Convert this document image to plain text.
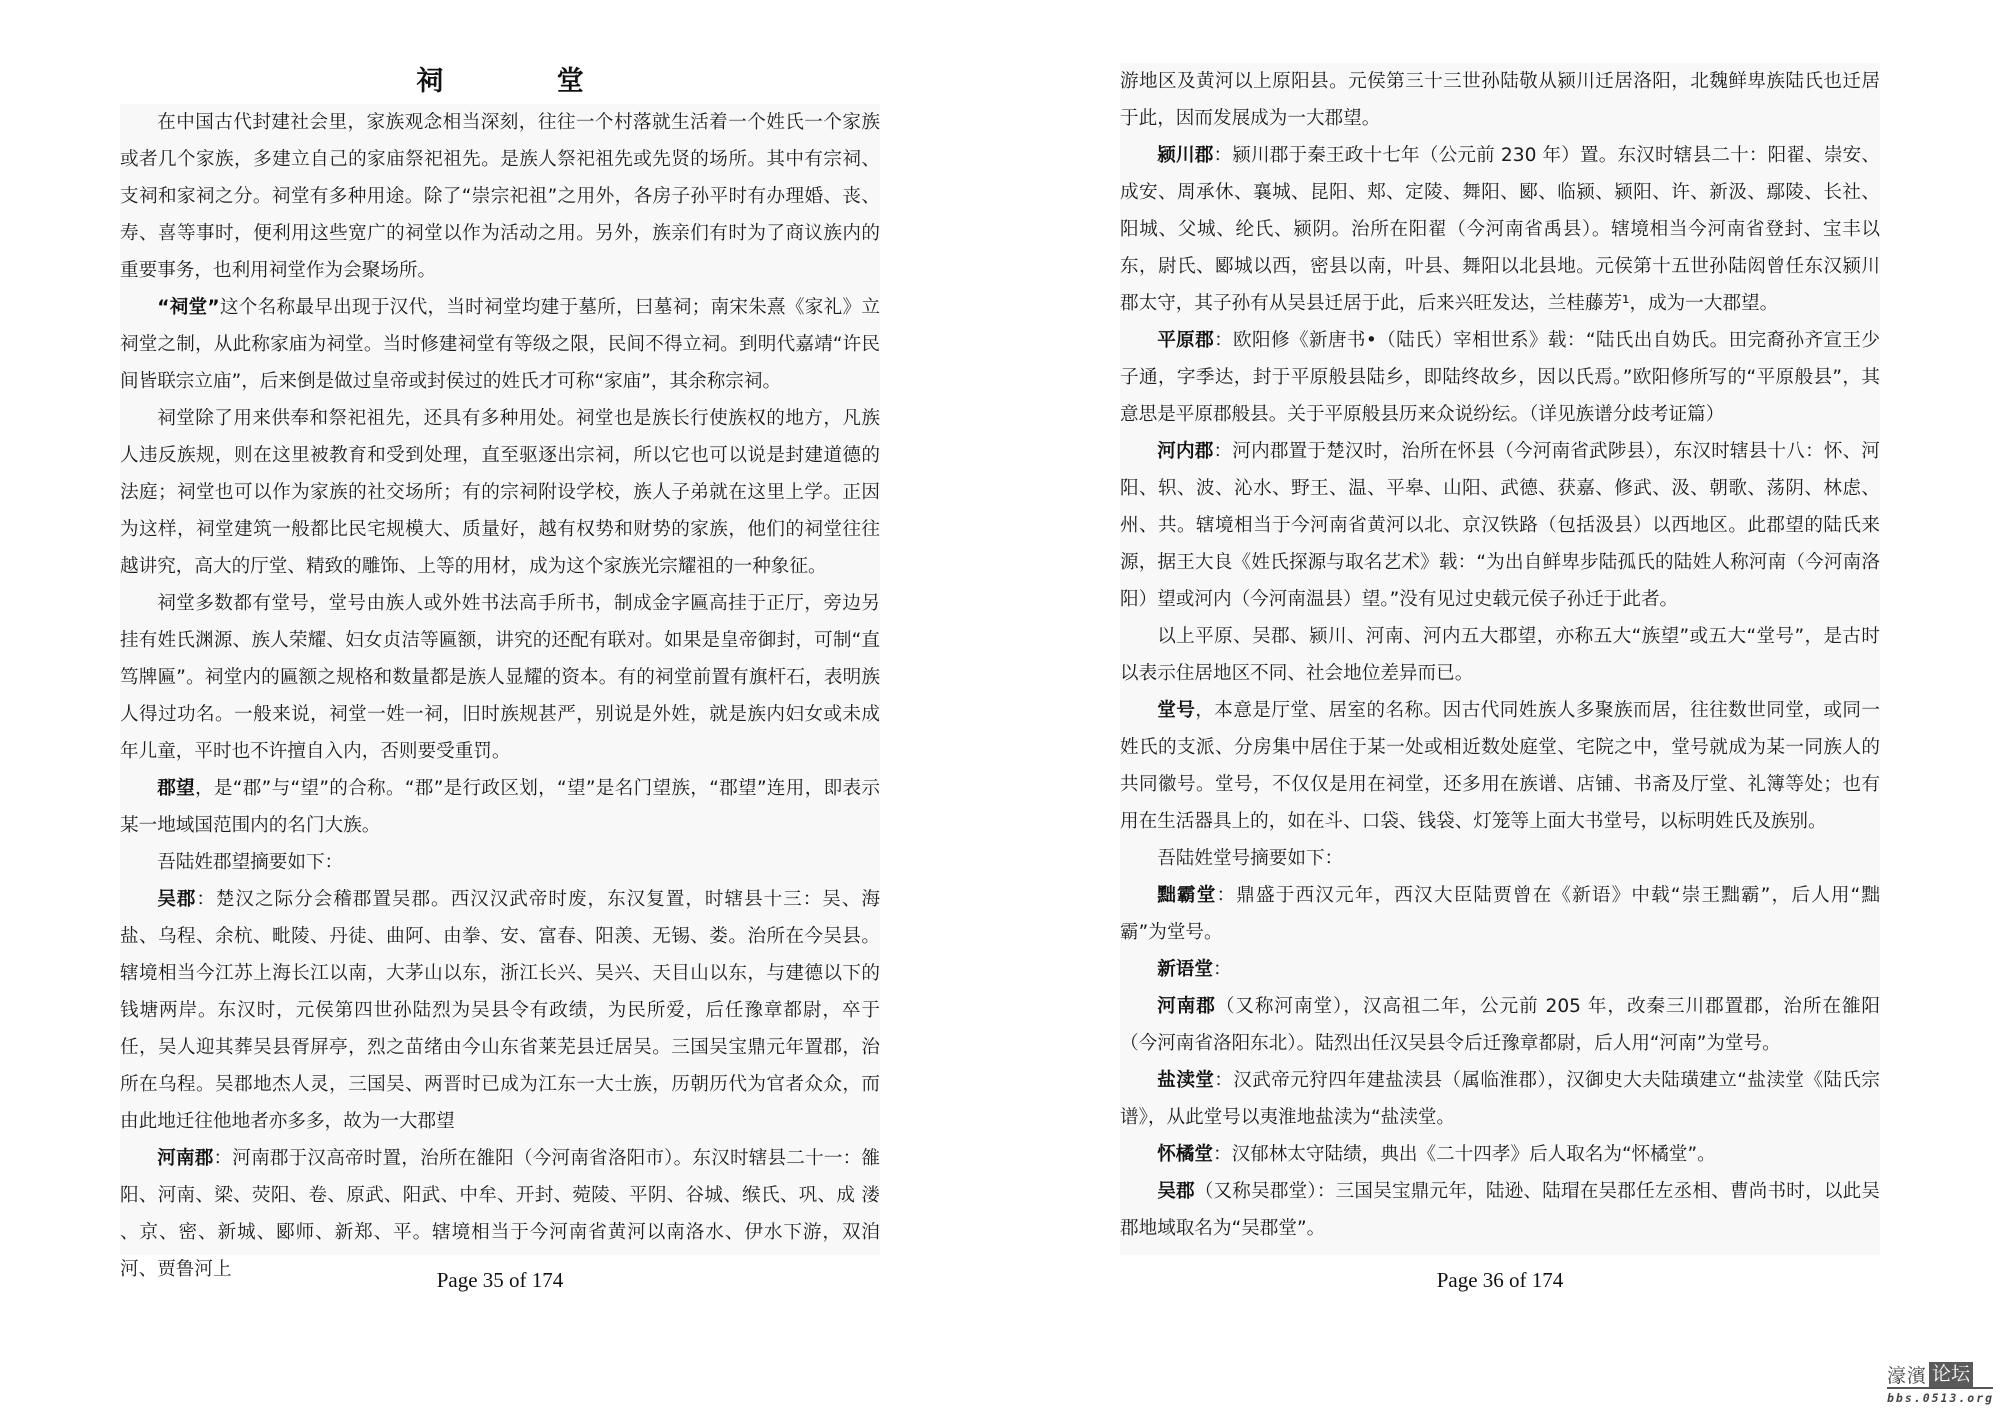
祠 堂

在中国古代封建社会里，家族观念相当深刻，往往一个村落就生活着一个姓氏一个家族或者几个家族，多建立自己的家庙祭祀祖先。是族人祭祀祖先或先贤的场所。其中有宗祠、支祠和家祠之分。祠堂有多种用途。除了“崇宗祀祖”之用外，各房子孙平时有办理婚、丧、寿、喜等事时，便利用这些宽广的祠堂以作为活动之用。另外，族亲们有时为了商议族内的重要事务，也利用祠堂作为会聚场所。

“祠堂”这个名称最早出现于汉代，当时祠堂均建于墓所，曰墓祠；南宋朱熹《家礼》立祠堂之制，从此称家庙为祠堂。当时修建祠堂有等级之限，民间不得立祠。到明代嘉靖“许民间皆联宗立庙”，后来倒是做过皇帝或封侯过的姓氏才可称“家庙”，其余称宗祠。

祠堂除了用来供奉和祭祀祖先，还具有多种用处。祠堂也是族长行使族权的地方，凡族人违反族规，则在这里被教育和受到处理，直至驱逐出宗祠，所以它也可以说是封建道德的法庭；祠堂也可以作为家族的社交场所；有的宗祠附设学校，族人子弟就在这里上学。正因为这样，祠堂建筑一般都比民宅规模大、质量好，越有权势和财势的家族，他们的祠堂往往越讲究，高大的厅堂、精致的雕饰、上等的用材，成为这个家族光宗耀祖的一种象征。

祠堂多数都有堂号，堂号由族人或外姓书法高手所书，制成金字匾高挂于正厅，旁边另挂有姓氏渊源、族人荣耀、妇女贞洁等匾额，讲究的还配有联对。如果是皇帝御封，可制“直笃牌匾”。祠堂内的匾额之规格和数量都是族人显耀的资本。有的祠堂前置有旗杆石，表明族人得过功名。一般来说，祠堂一姓一祠，旧时族规甚严，别说是外姓，就是族内妇女或未成年儿童，平时也不许擅自入内，否则要受重罚。

郡望，是“郡”与“望”的合称。“郡”是行政区划，“望”是名门望族，“郡望”连用，即表示某一地域国范围内的名门大族。

吾陆姓郡望摘要如下：

吴郡：楚汉之际分会稽郡置吴郡。西汉汉武帝时废，东汉复置，时辖县十三：吴、海盐、乌程、余杭、毗陵、丹徒、曲阿、由拳、安、富春、阳羡、无锡、娄。治所在今吴县。辖境相当今江苏上海长江以南，大茅山以东，浙江长兴、吴兴、天目山以东，与建德以下的钱塘两岸。东汉时，元侯第四世孙陆烈为吴县令有政绩，为民所爱，后任豫章都尉，卒于任，吴人迎其葬吴县胥屏亭，烈之苗绪由今山东省莱芜县迁居吴。三国吴宝鼎元年置郡，治所在乌程。吴郡地杰人灵，三国吴、两晋时已成为江东一大士族，历朝历代为官者众众，而由此地迁往他地者亦多多，故为一大郡望

河南郡：河南郡于汉高帝时置，治所在雒阳（今河南省洛阳市）。东汉时辖县二十一：雒阳、河南、梁、荧阳、卷、原武、阳武、中牟、开封、菀陵、平阴、谷城、缑氏、巩、成 溇 、京、密、新城、郾师、新郑、平。辖境相当于今河南省黄河以南洛水、伊水下游，双洎河、贾鲁河上	Page 35 of 174

游地区及黄河以上原阳县。元侯第三十三世孙陆敬从颍川迁居洛阳，北魏鲜卑族陆氏也迁居于此，因而发展成为一大郡望。

颍川郡：颍川郡于秦王政十七年（公元前 230 年）置。东汉时辖县二十：阳翟、崇安、成安、周承休、襄城、昆阳、郏、定陵、舞阳、郾、临颍、颍阳、许、新汲、鄢陵、长社、阳城、父城、纶氏、颍阴。治所在阳翟（今河南省禹县）。辖境相当今河南省登封、宝丰以东，尉氏、郾城以西，密县以南，叶县、舞阳以北县地。元侯第十五世孙陆闳曾任东汉颍川郡太守，其子孙有从吴县迁居于此，后来兴旺发达，兰桂藤芳¹，成为一大郡望。

平原郡：欧阳修《新唐书•（陆氏）宰相世系》载：“陆氏出自妫氏。田完裔孙齐宣王少子通，字季达，封于平原般县陆乡，即陆终故乡，因以氏焉。”欧阳修所写的“平原般县”，其意思是平原郡般县。关于平原般县历来众说纷纭。（详见族谱分歧考证篇）

河内郡：河内郡置于楚汉时，治所在怀县（今河南省武陟县），东汉时辖县十八：怀、河阳、轵、波、沁水、野王、温、平皋、山阳、武德、获嘉、修武、汲、朝歌、荡阴、林虑、州、共。辖境相当于今河南省黄河以北、京汉铁路（包括汲县）以西地区。此郡望的陆氏来源，据王大良《姓氏探源与取名艺术》载：“为出自鲜卑步陆孤氏的陆姓人称河南（今河南洛阳）望或河内（今河南温县）望。”没有见过史载元侯子孙迁于此者。

以上平原、吴郡、颍川、河南、河内五大郡望，亦称五大“族望”或五大“堂号”，是古时以表示住居地区不同、社会地位差异而已。

堂号，本意是厅堂、居室的名称。因古代同姓族人多聚族而居，往往数世同堂，或同一姓氏的支派、分房集中居住于某一处或相近数处庭堂、宅院之中，堂号就成为某一同族人的共同徽号。堂号，不仅仅是用在祠堂，还多用在族谱、店铺、书斋及厅堂、礼簿等处；也有用在生活器具上的，如在斗、口袋、钱袋、灯笼等上面大书堂号，以标明姓氏及族别。

吾陆姓堂号摘要如下：

黜霸堂：鼎盛于西汉元年，西汉大臣陆贾曾在《新语》中载“崇王黜霸”，后人用“黜霸”为堂号。

新语堂：

河南郡（又称河南堂），汉高祖二年，公元前 205 年，改秦三川郡置郡，治所在雒阳（今河南省洛阳东北）。陆烈出任汉吴县令后迁豫章都尉，后人用“河南”为堂号。

盐渎堂：汉武帝元狩四年建盐渎县（属临淮郡），汉御史大夫陆璜建立“盐渎堂《陆氏宗谱》，从此堂号以夷淮地盐渎为“盐渎堂。

怀橘堂：汉郁林太守陆绩，典出《二十四孝》后人取名为“怀橘堂”。

吴郡（又称吴郡堂）：三国吴宝鼎元年，陆逊、陆瑁在吴郡任左丞相、曹尚书时，以此吴郡地域取名为“吴郡堂”。

Page 36 of 174
濠濱 论坛
bbs.0513.org
